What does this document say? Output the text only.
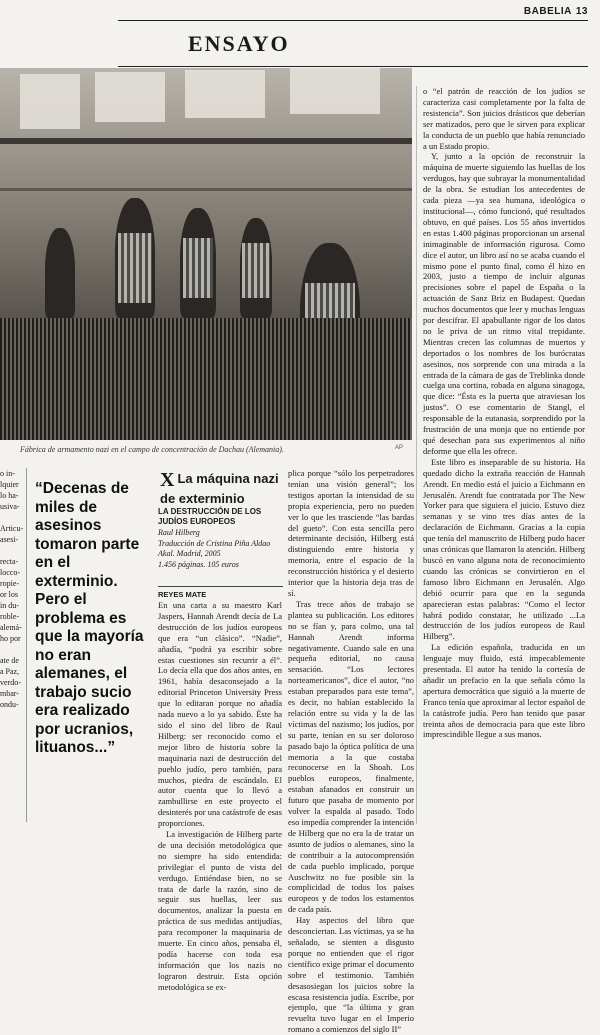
BABELIA 13
ENSAYO
Fábrica de armamento nazi en el campo de concentración de Dachau (Alemania).	AP
o in-
lquier
lo ha-
usiva-

Articu-
asesi-

recta-
locco-
ropie-
or los
in du-
roble-
alemá-
ho por

ate de
a Paz,
verdo-
mbar-
ondu-
“Decenas de miles de asesinos tomaron parte en el exterminio. Pero el problema es que la mayoría no eran alemanes, el trabajo sucio era realizado por ucranios, lituanos...”
X La máquina nazi de exterminio
LA DESTRUCCIÓN DE LOS JUDÍOS EUROPEOS
Raul Hilberg
Traducción de Cristina Piña Aldao
Akal. Madrid, 2005
1.456 páginas. 105 euros
REYES MATE

En una carta a su maestro Karl Jaspers, Hannah Arendt decía de La destrucción de los judíos europeos que era “un clásico”. “Nadie”, añadía, “podrá ya escribir sobre estas cuestiones sin recurrir a él”. Lo decía ella que dos años antes, en 1961, había desaconsejado a la editorial Princeton University Press que lo editaran porque no añadía nada nuevo a lo ya sabido. Éste ha sido el sino del libro de Raul Hilberg: ser reconocido como el mejor libro de historia sobre la maquinaria nazi de destrucción del pueblo judío, pero también, para muchos, piedra de escándalo. El autor cuenta que lo llevó a zambullirse en este proyecto el desinterés por una catástrofe de esas proporciones.

La investigación de Hilberg parte de una decisión metodológica que no siempre ha sido entendida: privilegiar el punto de vista del verdugo. Entiéndase bien, no se trata de darle la razón, sino de seguir sus huellas, leer sus documentos, analizar la puesta en práctica de sus medidas antijudías, para recomponer la maquinaria de muerte. En cinco años, pensaba él, podía hacerse con toda esa información que los nazis no lograron destruir. Esta opción metodológica se ex-

plica porque “sólo los perpetradores tenían una visión general”; los testigos aportan la intensidad de su propia experiencia, pero no pueden ver lo que les trasciende “las bardas del gueto”. Con esta sencilla pero determinante decisión, Hilberg está distinguiendo entre historia y memoria, entre el espacio de la reconstrucción histórica y el desierto interior que la historia deja tras de sí.

Tras trece años de trabajo se plantea su publicación. Los editores no se fían y, para colmo, una tal Hannah Arendt informa negativamente. Cuando sale en una pequeña editorial, no causa sensación. “Los lectores norteamericanos”, dice el autor, “no estaban preparados para este tema”, es decir, no habían establecido la relación entre su vida y la de las víctimas del nazismo; los judíos, por su parte, tenían en su ser doloroso pasado bajo la óptica política de una memoria a la que costaba reconocerse en la Shoah. Los pueblos europeos, finalmente, estaban afanados en construir un futuro que pasaba de momento por volver la espalda al pasado. Todo eso impedía comprender la intención de Hilberg que no era la de tratar un asunto de judíos o alemanes, sino la de contribuir a la autocomprensión de cada pueblo implicado, porque Auschwitz no fue posible sin la complicidad de todos los países europeos y de todos los estamentos de cada país.

Hay aspectos del libro que desconciertan. Las víctimas, ya se ha señalado, se sienten a disgusto porque no entienden que el rigor científico exige primar el documento sobre el testimonio. También desasosiegan los juicios sobre la escasa resistencia judía. Escribe, por ejemplo, que “la última y gran revuelta tuvo lugar en el Imperio romano a comienzos del siglo II”

o “el patrón de reacción de los judíos se caracteriza casi completamente por la falta de resistencia”. Son juicios drásticos que deberían ser matizados, pero que le sirven para explicar la conducta de un pueblo que había renunciado a un Estado propio.

Y, junto a la opción de reconstruir la máquina de muerte siguiendo las huellas de los verdugos, hay que subrayar la monumentalidad de la obra. Se estudian los antecedentes de cada pieza —ya sea humana, ideológica o institucional—, cómo funcionó, qué resultados obtuvo, en qué países. Los 55 años invertidos en estas 1.400 páginas proporcionan un arsenal inimaginable de información rigurosa. Como dice el autor, un libro así no se acaba cuando el mismo pone el punto final, como él hizo en 2003, justo a tiempo de incluir algunas precisiones sobre el papel de España o la actuación de Sanz Briz en Budapest. Quedan muchos documentos que leer y muchas lenguas por descifrar. El apabullante rigor de los datos no le priva de un ritmo vital trepidante. Mientras crecen las columnas de muertos y deportados o los nombres de los burócratas asesinos, nos sorprende con una mirada a la entrada de la cámara de gas de Treblinka donde cuelga una cortina, robada en alguna sinagoga, que dice: “Ésta es la puerta que atraviesan los justos”. O ese comentario de Stangl, el responsable de la eutanasia, sorprendido por la frustración de una monja que no entiende por qué desechan para sus experimentos al niño deforme que ella les ofrece.

Este libro es inseparable de su historia. Ha quedado dicho la extraña reacción de Hannah Arendt. En medio está el juicio a Eichmann en Jerusalén. Arendt fue contratada por The New Yorker para que siguiera el juicio. Estuvo diez semanas y se vino tres días antes de la declaración de Eichmann. Gracias a la copia que tenía del manuscrito de Hilberg pudo hacer unas crónicas que llamaron la atención. Hilberg buscó en vano alguna nota de reconocimiento cuando las crónicas se convirtieron en el famoso libro Eichmann en Jerusalén. Algo debió ocurrir para que en la segunda aparecieran estas palabras: “Como el lector habrá podido constatar, he utilizado ...La destrucción de los judíos europeos de Raul Hilberg”.

La edición española, traducida en un lenguaje muy fluido, está impecablemente presentada. El autor ha tenido la cortesía de añadir un prefacio en la que señala cómo la apertura democrática que siguió a la muerte de Franco tenía que aproximar al lector español de la catástrofe judía. Pero han tenido que pasar treinta años de democracia para que este libro imprescindible llegue a sus manos.
